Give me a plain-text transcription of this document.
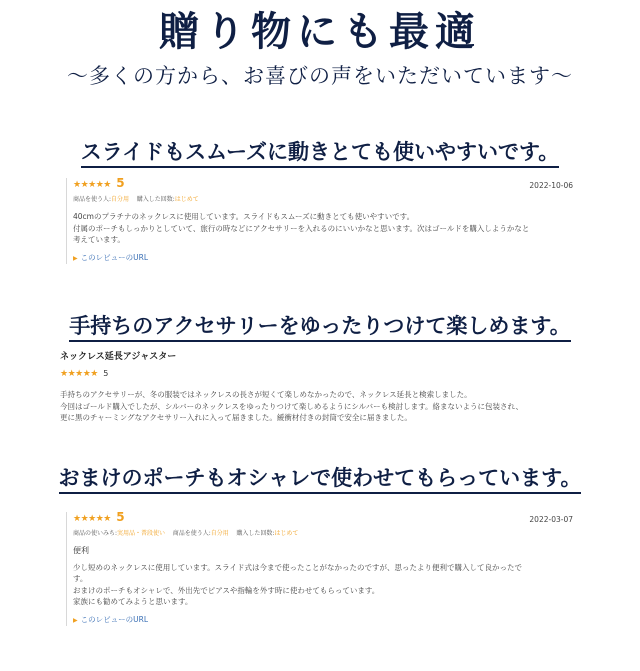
贈り物にも最適
〜多くの方から、お喜びの声をいただいています〜
スライドもスムーズに動きとても使いやすいです。
★★★★★ 5	2022-10-06
商品を使う人:自分用 購入した回数:はじめて
40cmのプラチナのネックレスに使用しています。スライドもスムーズに動きとても使いやすいです。
付属のポーチもしっかりとしていて、旅行の時などにアクセサリーを入れるのにいいかなと思います。次はゴールドを購入しようかなと
考えています。
▶ このレビューのURL
手持ちのアクセサリーをゆったりつけて楽しめます。
ネックレス延長アジャスター
★★★★★ 5
手持ちのアクセサリーが、冬の服装ではネックレスの長さが短くて楽しめなかったので、ネックレス延長と検索しました。
今回はゴールド購入でしたが、シルバーのネックレスをゆったりつけて楽しめるようにシルバーも検討します。絡まないように包装され、
更に黒のチャーミングなアクセサリー入れに入って届きました。緩衝材付きの封筒で安全に届きました。
おまけのポーチもオシャレで使わせてもらっています。
★★★★★ 5	2022-03-07
商品の使いみち:実用品・普段使い 商品を使う人:自分用 購入した回数:はじめて
便利
少し短めのネックレスに使用しています。スライド式は今まで使ったことがなかったのですが、思ったより便利で購入して良かったで
す。
おまけのポーチもオシャレで、外出先でピアスや指輪を外す時に使わせてもらっています。
家族にも勧めてみようと思います。
▶ このレビューのURL
